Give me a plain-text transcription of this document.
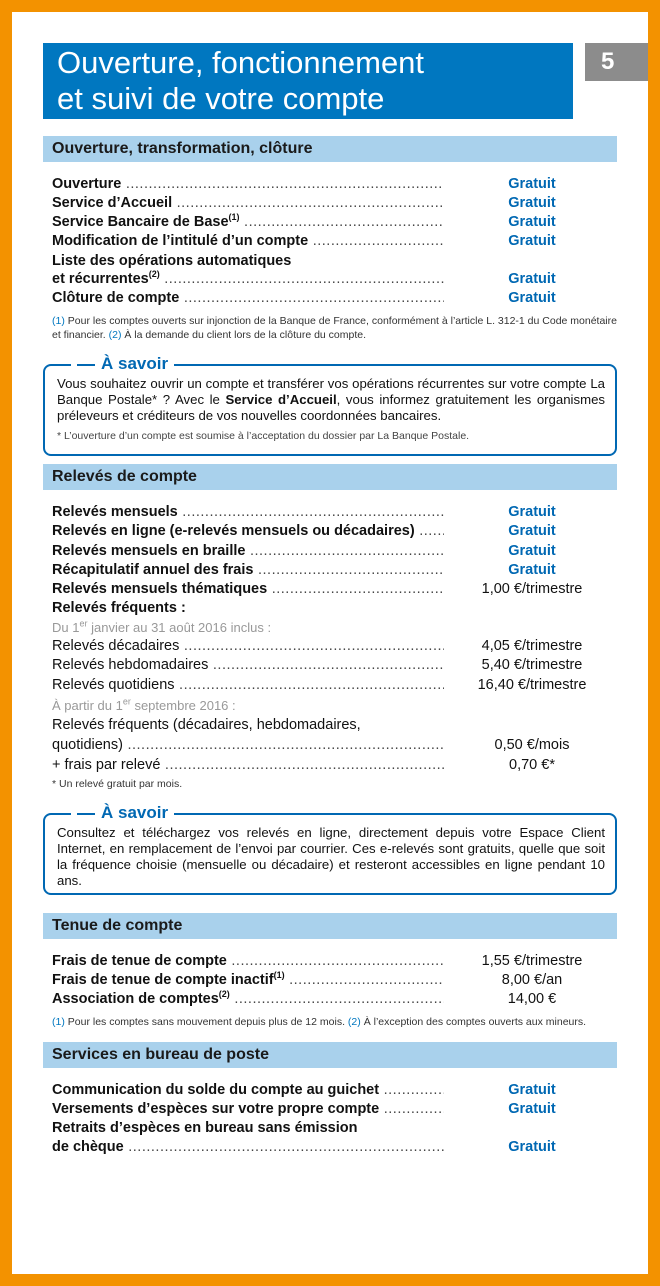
Ouverture, fonctionnement
et suivi de votre compte
5
Ouverture, transformation, clôture
Ouverture .....	Gratuit
Service d’Accueil .....	Gratuit
Service Bancaire de Base$^{(1)}$ .....	Gratuit
Modification de l’intitulé d’un compte .....	Gratuit
Liste des opérations automatiques
et récurrentes$^{(2)}$ .....	Gratuit
Clôture de compte .....	Gratuit
(1) Pour les comptes ouverts sur injonction de la Banque de France, conformément à l’article L. 312-1 du Code monétaire et financier. (2) À la demande du client lors de la clôture du compte.
À savoir
Vous souhaitez ouvrir un compte et transférer vos opérations récurrentes sur votre compte La Banque Postale* ? Avec le Service d’Accueil, vous informez gratuitement les organismes préleveurs et créditeurs de vos nouvelles coordonnées bancaires.
* L’ouverture d’un compte est soumise à l’acceptation du dossier par La Banque Postale.
Relevés de compte
Relevés mensuels .....	Gratuit
Relevés en ligne (e-relevés mensuels ou décadaires) .....	Gratuit
Relevés mensuels en braille .....	Gratuit
Récapitulatif annuel des frais .....	Gratuit
Relevés mensuels thématiques .....	1,00 €/trimestre
Relevés fréquents :
Du 1er janvier au 31 août 2016 inclus :
Relevés décadaires .....	4,05 €/trimestre
Relevés hebdomadaires .....	5,40 €/trimestre
Relevés quotidiens .....	16,40 €/trimestre
À partir du 1er septembre 2016 :
Relevés fréquents (décadaires, hebdomadaires,
quotidiens) .....	0,50 €/mois
+ frais par relevé .....	0,70 €*
* Un relevé gratuit par mois.
À savoir
Consultez et téléchargez vos relevés en ligne, directement depuis votre Espace Client Internet, en remplacement de l’envoi par courrier. Ces e-relevés sont gratuits, quelle que soit la fréquence choisie (mensuelle ou décadaire) et resteront accessibles en ligne pendant 10 ans.
Tenue de compte
Frais de tenue de compte .....	1,55 €/trimestre
Frais de tenue de compte inactif$^{(1)}$ .....	8,00 €/an
Association de comptes$^{(2)}$ .....	14,00 €
(1) Pour les comptes sans mouvement depuis plus de 12 mois. (2) À l’exception des comptes ouverts aux mineurs.
Services en bureau de poste
Communication du solde du compte au guichet .....	Gratuit
Versements d’espèces sur votre propre compte .....	Gratuit
Retraits d’espèces en bureau sans émission
de chèque .....	Gratuit
